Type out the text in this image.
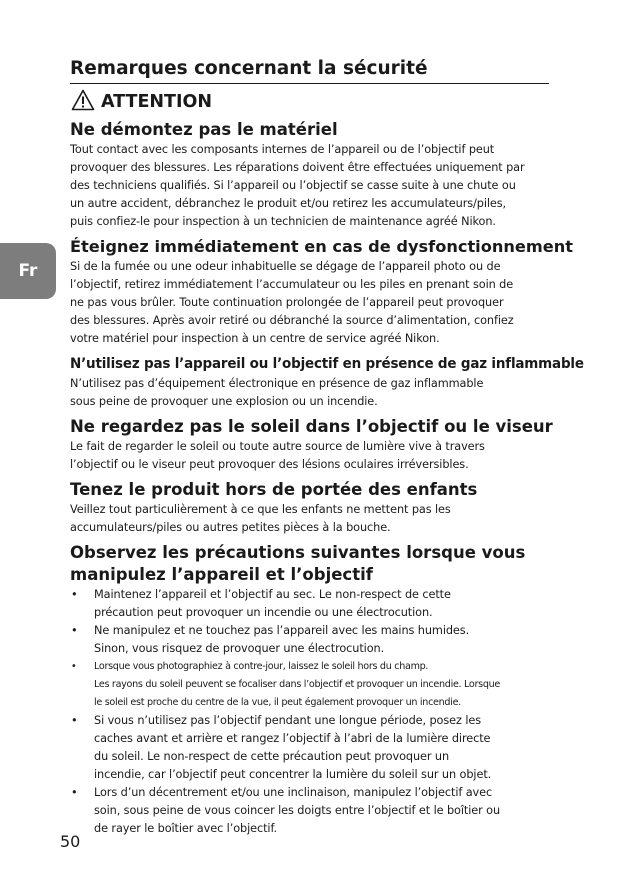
Fr
Remarques concernant la sécurité
ATTENTION
Ne démontez pas le matériel

Tout contact avec les composants internes de l’appareil ou de l’objectif peut
provoquer des blessures. Les réparations doivent être effectuées uniquement par
des techniciens qualifiés. Si l’appareil ou l’objectif se casse suite à une chute ou
un autre accident, débranchez le produit et/ou retirez les accumulateurs/piles,
puis confiez-le pour inspection à un technicien de maintenance agréé Nikon.

Éteignez immédiatement en cas de dysfonctionnement

Si de la fumée ou une odeur inhabituelle se dégage de l’appareil photo ou de
l’objectif, retirez immédiatement l’accumulateur ou les piles en prenant soin de
ne pas vous brûler. Toute continuation prolongée de l’appareil peut provoquer
des blessures. Après avoir retiré ou débranché la source d’alimentation, confiez
votre matériel pour inspection à un centre de service agréé Nikon.

N’utilisez pas l’appareil ou l’objectif en présence de gaz inflammable

N’utilisez pas d’équipement électronique en présence de gaz inflammable
sous peine de provoquer une explosion ou un incendie.

Ne regardez pas le soleil dans l’objectif ou le viseur

Le fait de regarder le soleil ou toute autre source de lumière vive à travers
l’objectif ou le viseur peut provoquer des lésions oculaires irréversibles.

Tenez le produit hors de portée des enfants

Veillez tout particulièrement à ce que les enfants ne mettent pas les
accumulateurs/piles ou autres petites pièces à la bouche.

Observez les précautions suivantes lorsque vous
manipulez l’appareil et l’objectif
• Maintenez l’appareil et l’objectif au sec. Le non-respect de cette
précaution peut provoquer un incendie ou une électrocution.
• Ne manipulez et ne touchez pas l’appareil avec les mains humides.
Sinon, vous risquez de provoquer une électrocution.
• Lorsque vous photographiez à contre-jour, laissez le soleil hors du champ.
Les rayons du soleil peuvent se focaliser dans l’objectif et provoquer un incendie. Lorsque
le soleil est proche du centre de la vue, il peut également provoquer un incendie.
• Si vous n’utilisez pas l’objectif pendant une longue période, posez les
caches avant et arrière et rangez l’objectif à l’abri de la lumière directe
du soleil. Le non-respect de cette précaution peut provoquer un
incendie, car l’objectif peut concentrer la lumière du soleil sur un objet.
• Lors d’un décentrement et/ou une inclinaison, manipulez l’objectif avec
soin, sous peine de vous coincer les doigts entre l’objectif et le boîtier ou
de rayer le boîtier avec l’objectif.
50
